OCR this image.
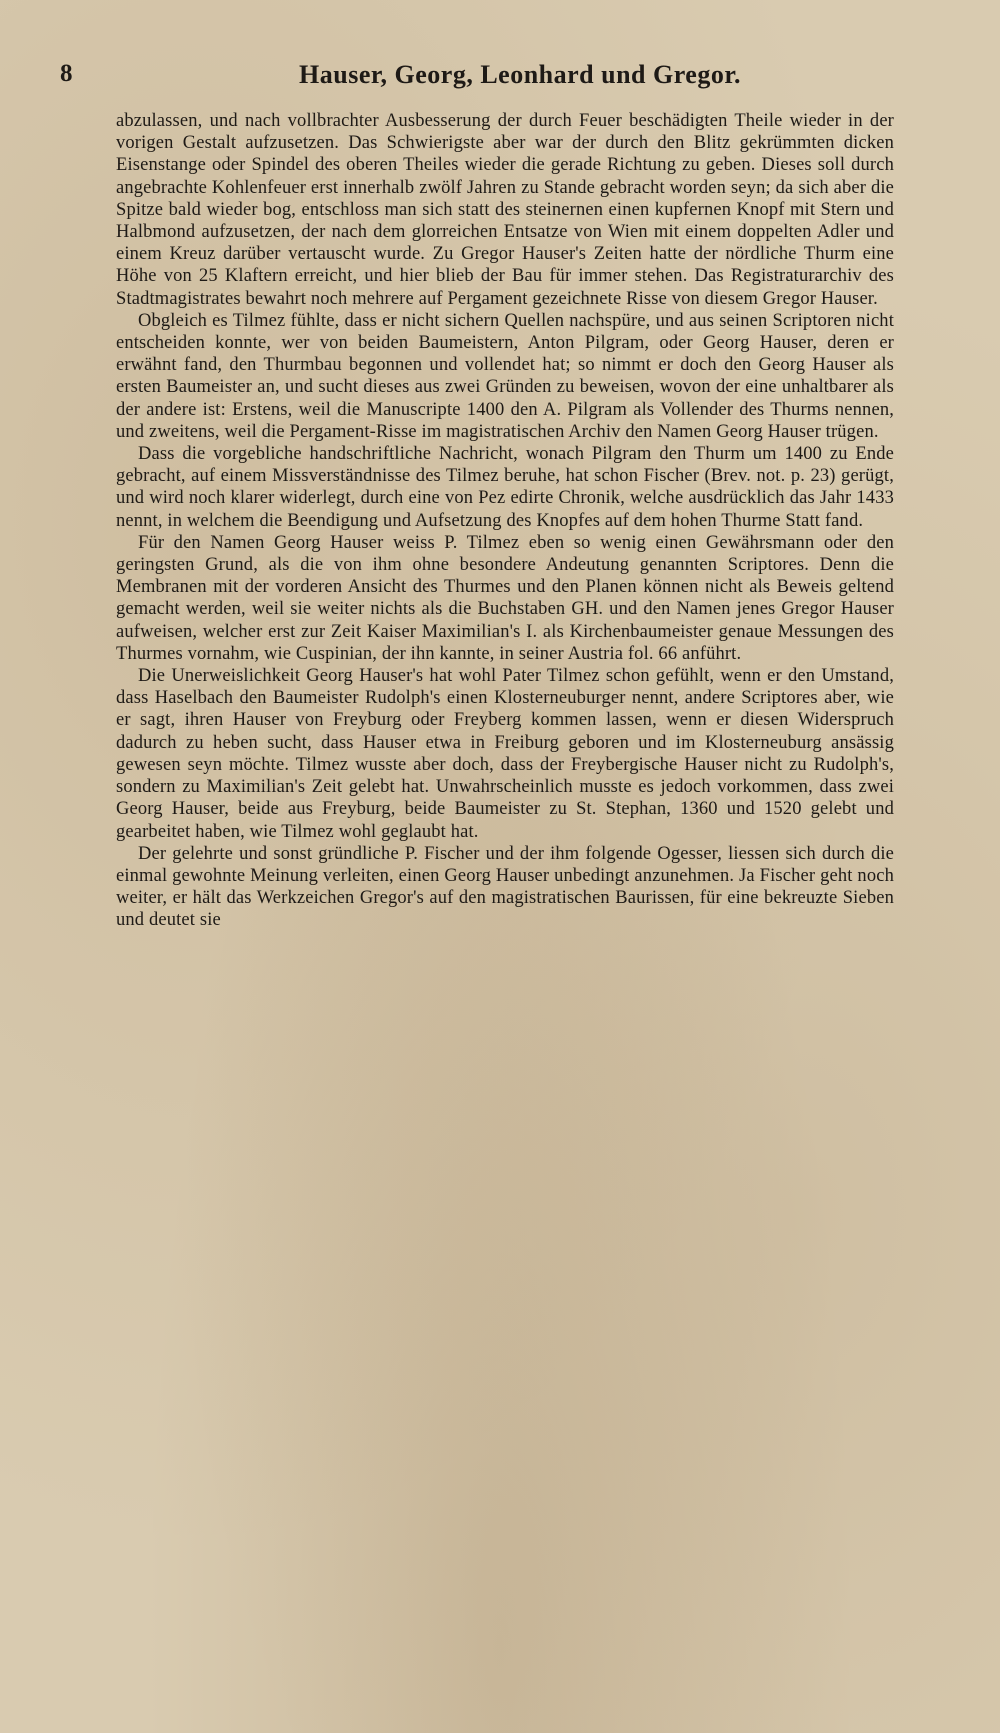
8	Hauser, Georg, Leonhard und Gregor.

abzulassen, und nach vollbrachter Ausbesserung der durch Feuer beschädigten Theile wieder in der vorigen Gestalt aufzusetzen. Das Schwierigste aber war der durch den Blitz gekrümmten dicken Eisenstange oder Spindel des oberen Theiles wieder die gerade Richtung zu geben. Dieses soll durch angebrachte Kohlenfeuer erst innerhalb zwölf Jahren zu Stande gebracht worden seyn; da sich aber die Spitze bald wieder bog, entschloss man sich statt des steinernen einen kupfernen Knopf mit Stern und Halbmond aufzusetzen, der nach dem glorreichen Entsatze von Wien mit einem doppelten Adler und einem Kreuz darüber vertauscht wurde. Zu Gregor Hauser's Zeiten hatte der nördliche Thurm eine Höhe von 25 Klaftern erreicht, und hier blieb der Bau für immer stehen. Das Registraturarchiv des Stadtmagistrates bewahrt noch mehrere auf Pergament gezeichnete Risse von diesem Gregor Hauser.

Obgleich es Tilmez fühlte, dass er nicht sichern Quellen nachspüre, und aus seinen Scriptoren nicht entscheiden konnte, wer von beiden Baumeistern, Anton Pilgram, oder Georg Hauser, deren er erwähnt fand, den Thurmbau begonnen und vollendet hat; so nimmt er doch den Georg Hauser als ersten Baumeister an, und sucht dieses aus zwei Gründen zu beweisen, wovon der eine unhaltbarer als der andere ist: Erstens, weil die Manuscripte 1400 den A. Pilgram als Vollender des Thurms nennen, und zweitens, weil die Pergament-Risse im magistratischen Archiv den Namen Georg Hauser trügen.

Dass die vorgebliche handschriftliche Nachricht, wonach Pilgram den Thurm um 1400 zu Ende gebracht, auf einem Missverständnisse des Tilmez beruhe, hat schon Fischer (Brev. not. p. 23) gerügt, und wird noch klarer widerlegt, durch eine von Pez edirte Chronik, welche ausdrücklich das Jahr 1433 nennt, in welchem die Beendigung und Aufsetzung des Knopfes auf dem hohen Thurme Statt fand.

Für den Namen Georg Hauser weiss P. Tilmez eben so wenig einen Gewährsmann oder den geringsten Grund, als die von ihm ohne besondere Andeutung genannten Scriptores. Denn die Membranen mit der vorderen Ansicht des Thurmes und den Planen können nicht als Beweis geltend gemacht werden, weil sie weiter nichts als die Buchstaben GH. und den Namen jenes Gregor Hauser aufweisen, welcher erst zur Zeit Kaiser Maximilian's I. als Kirchenbaumeister genaue Messungen des Thurmes vornahm, wie Cuspinian, der ihn kannte, in seiner Austria fol. 66 anführt.

Die Unerweislichkeit Georg Hauser's hat wohl Pater Tilmez schon gefühlt, wenn er den Umstand, dass Haselbach den Baumeister Rudolph's einen Klosterneuburger nennt, andere Scriptores aber, wie er sagt, ihren Hauser von Freyburg oder Freyberg kommen lassen, wenn er diesen Widerspruch dadurch zu heben sucht, dass Hauser etwa in Freiburg geboren und im Klosterneuburg ansässig gewesen seyn möchte. Tilmez wusste aber doch, dass der Freybergische Hauser nicht zu Rudolph's, sondern zu Maximilian's Zeit gelebt hat. Unwahrscheinlich musste es jedoch vorkommen, dass zwei Georg Hauser, beide aus Freyburg, beide Baumeister zu St. Stephan, 1360 und 1520 gelebt und gearbeitet haben, wie Tilmez wohl geglaubt hat.

Der gelehrte und sonst gründliche P. Fischer und der ihm folgende Ogesser, liessen sich durch die einmal gewohnte Meinung verleiten, einen Georg Hauser unbedingt anzunehmen. Ja Fischer geht noch weiter, er hält das Werkzeichen Gregor's auf den magistratischen Baurissen, für eine bekreuzte Sieben und deutet sie
